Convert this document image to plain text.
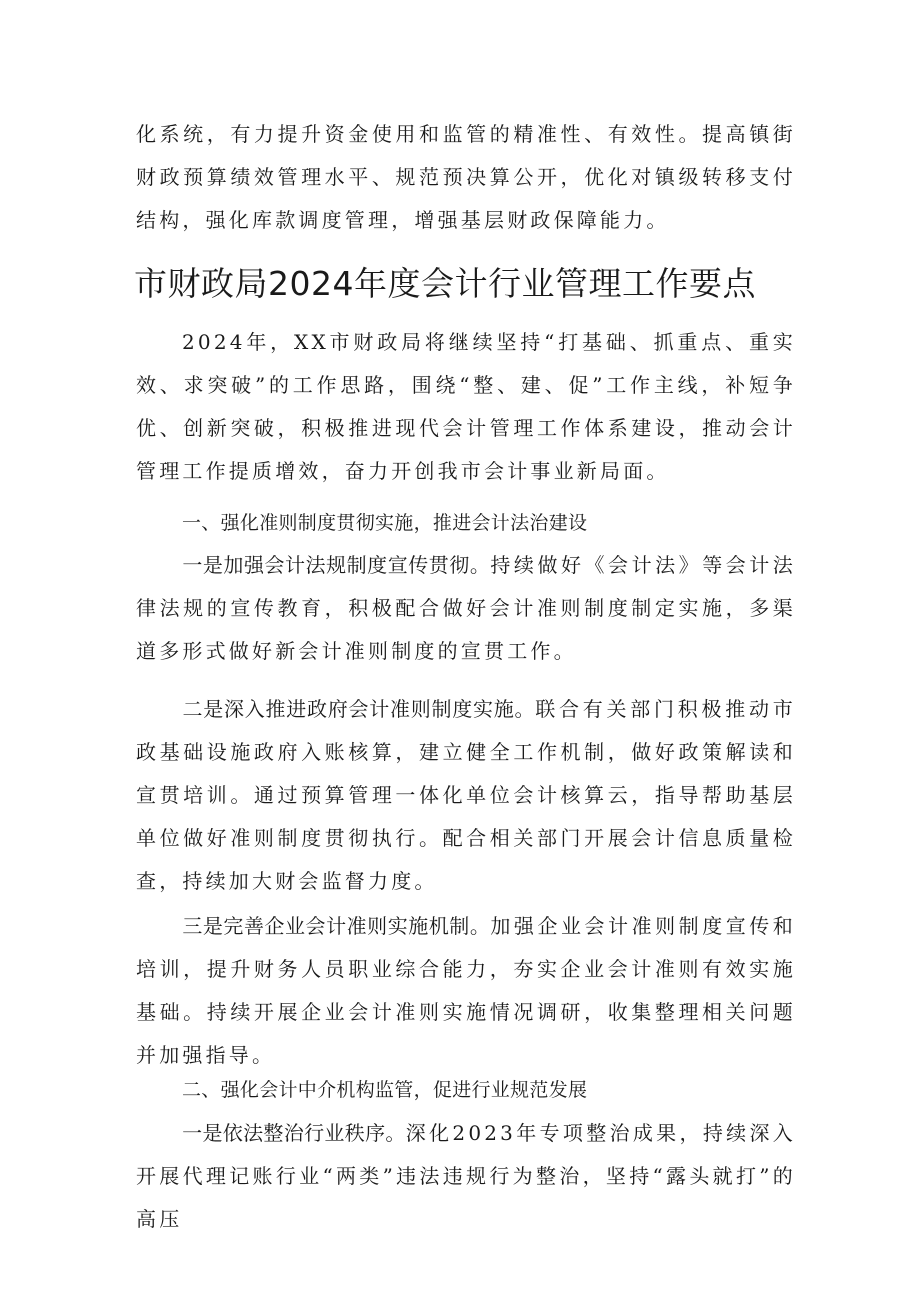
化系统，有力提升资金使用和监管的精准性、有效性。提高镇街财政预算绩效管理水平、规范预决算公开，优化对镇级转移支付结构，强化库款调度管理，增强基层财政保障能力。

市财政局2024年度会计行业管理工作要点

2024年，XX市财政局将继续坚持“打基础、抓重点、重实效、求突破”的工作思路，围绕“整、建、促”工作主线，补短争优、创新突破，积极推进现代会计管理工作体系建设，推动会计管理工作提质增效，奋力开创我市会计事业新局面。

一、强化准则制度贯彻实施，推进会计法治建设

一是加强会计法规制度宣传贯彻。持续做好《会计法》等会计法律法规的宣传教育，积极配合做好会计准则制度制定实施，多渠道多形式做好新会计准则制度的宣贯工作。

二是深入推进政府会计准则制度实施。联合有关部门积极推动市政基础设施政府入账核算，建立健全工作机制，做好政策解读和宣贯培训。通过预算管理一体化单位会计核算云，指导帮助基层单位做好准则制度贯彻执行。配合相关部门开展会计信息质量检查，持续加大财会监督力度。

三是完善企业会计准则实施机制。加强企业会计准则制度宣传和培训，提升财务人员职业综合能力，夯实企业会计准则有效实施基础。持续开展企业会计准则实施情况调研，收集整理相关问题并加强指导。

二、强化会计中介机构监管，促进行业规范发展

一是依法整治行业秩序。深化2023年专项整治成果，持续深入开展代理记账行业“两类”违法违规行为整治，坚持“露头就打”的高压
